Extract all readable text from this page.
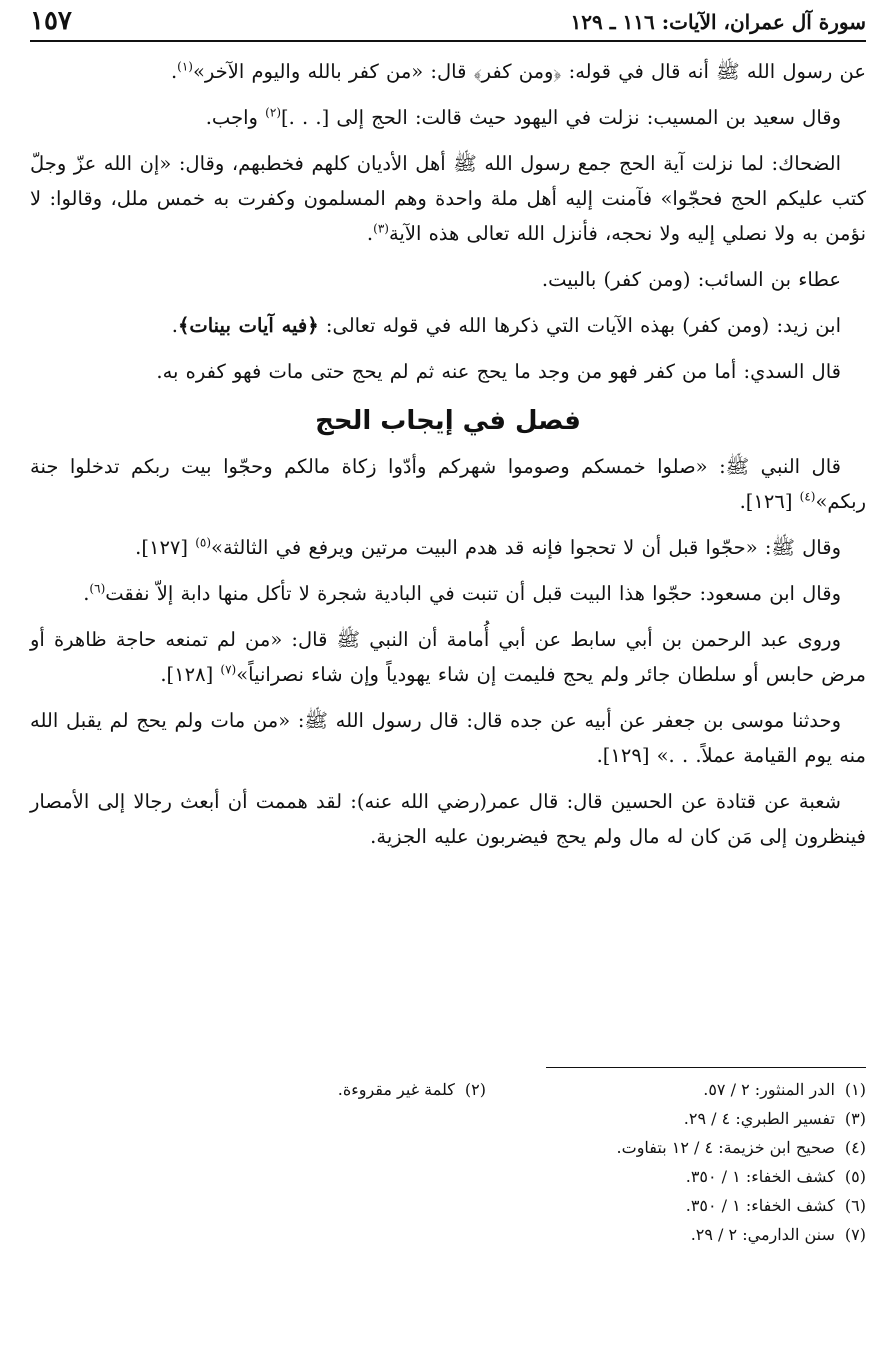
سورة آل عمران، الآيات: ١١٦ ـ ١٢٩
١٥٧

عن رسول الله ﷺ أنه قال في قوله: ﴿ومن كفر﴾ قال: «من كفر بالله واليوم الآخر»$^{(١)}$.

وقال سعيد بن المسيب: نزلت في اليهود حيث قالت: الحج إلى [. . .]$^{(٢)}$ واجب.

الضحاك: لما نزلت آية الحج جمع رسول الله ﷺ أهل الأديان كلهم فخطبهم، وقال: «إن الله عزّ وجلّ كتب عليكم الحج فحجّوا» فآمنت إليه أهل ملة واحدة وهم المسلمون وكفرت به خمس ملل، وقالوا: لا نؤمن به ولا نصلي إليه ولا نحجه، فأنزل الله تعالى هذه الآية$^{(٣)}$.

عطاء بن السائب: (ومن كفر) بالبيت.

ابن زيد: (ومن كفر) بهذه الآيات التي ذكرها الله في قوله تعالى: ﴿فيه آيات بينات﴾.

قال السدي: أما من كفر فهو من وجد ما يحج عنه ثم لم يحج حتى مات فهو كفره به.

فصل في إيجاب الحج

قال النبي ﷺ: «صلوا خمسكم وصوموا شهركم وأدّوا زكاة مالكم وحجّوا بيت ربكم تدخلوا جنة ربكم»$^{(٤)}$ [١٢٦].

وقال ﷺ: «حجّوا قبل أن لا تحجوا فإنه قد هدم البيت مرتين ويرفع في الثالثة»$^{(٥)}$ [١٢٧].

وقال ابن مسعود: حجّوا هذا البيت قبل أن تنبت في البادية شجرة لا تأكل منها دابة إلاّ نفقت$^{(٦)}$.

وروى عبد الرحمن بن أبي سابط عن أبي أُمامة أن النبي ﷺ قال: «من لم تمنعه حاجة ظاهرة أو مرض حابس أو سلطان جائر ولم يحج فليمت إن شاء يهودياً وإن شاء نصرانياً»$^{(٧)}$ [١٢٨].

وحدثنا موسى بن جعفر عن أبيه عن جده قال: قال رسول الله ﷺ: «من مات ولم يحج لم يقبل الله منه يوم القيامة عملاً. . .» [١٢٩].

شعبة عن قتادة عن الحسين قال: قال عمر(رضي الله عنه): لقد هممت أن أبعث رجالا إلى الأمصار فينظرون إلى مَن كان له مال ولم يحج فيضربون عليه الجزية.

(١)الدر المنثور: ٢ / ٥٧.
(٢)كلمة غير مقروءة.
(٣)تفسير الطبري: ٤ / ٢٩.
(٤)صحيح ابن خزيمة: ٤ / ١٢ بتفاوت.
(٥)كشف الخفاء: ١ / ٣٥٠.
(٦)كشف الخفاء: ١ / ٣٥٠.
(٧)سنن الدارمي: ٢ / ٢٩.
